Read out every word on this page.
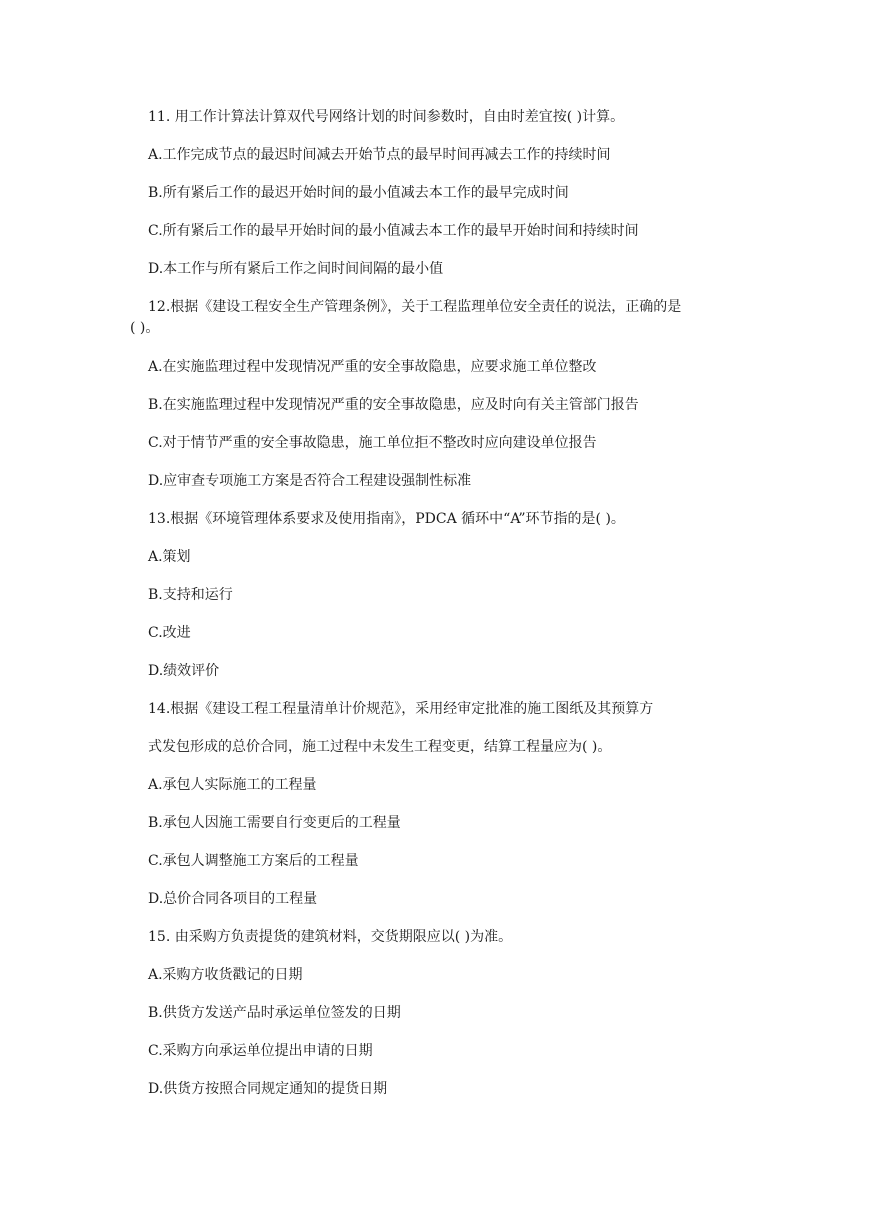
11. 用工作计算法计算双代号网络计划的时间参数时，自由时差宜按( )计算。
A.工作完成节点的最迟时间减去开始节点的最早时间再减去工作的持续时间
B.所有紧后工作的最迟开始时间的最小值减去本工作的最早完成时间
C.所有紧后工作的最早开始时间的最小值减去本工作的最早开始时间和持续时间
D.本工作与所有紧后工作之间时间间隔的最小值
12.根据《建设工程安全生产管理条例》，关于工程监理单位安全责任的说法，正确的是
( )。
A.在实施监理过程中发现情况严重的安全事故隐患，应要求施工单位整改
B.在实施监理过程中发现情况严重的安全事故隐患，应及时向有关主管部门报告
C.对于情节严重的安全事故隐患，施工单位拒不整改时应向建设单位报告
D.应审查专项施工方案是否符合工程建设强制性标准
13.根据《环境管理体系要求及使用指南》，PDCA 循环中“A”环节指的是( )。
A.策划
B.支持和运行
C.改进
D.绩效评价
14.根据《建设工程工程量清单计价规范》，采用经审定批准的施工图纸及其预算方
式发包形成的总价合同，施工过程中未发生工程变更，结算工程量应为( )。
A.承包人实际施工的工程量
B.承包人因施工需要自行变更后的工程量
C.承包人调整施工方案后的工程量
D.总价合同各项目的工程量
15. 由采购方负责提货的建筑材料，交货期限应以( )为准。
A.采购方收货戳记的日期
B.供货方发送产品时承运单位签发的日期
C.采购方向承运单位提出申请的日期
D.供货方按照合同规定通知的提货日期
